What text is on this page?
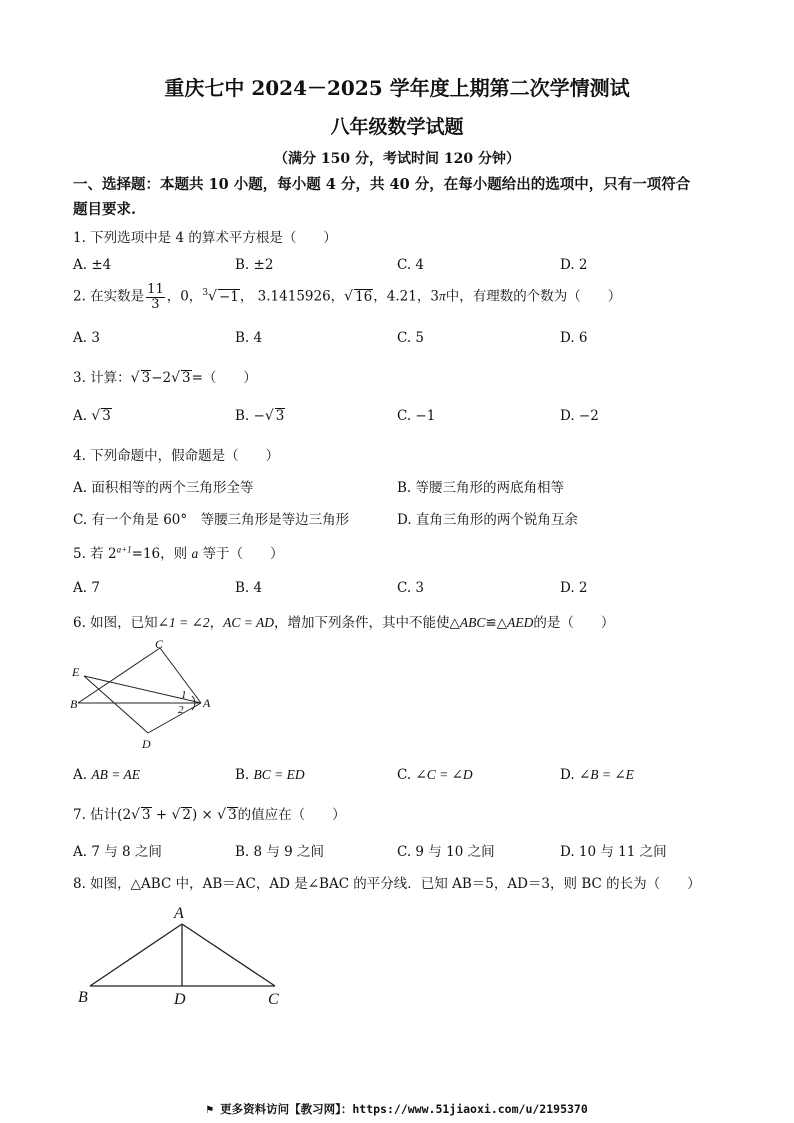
重庆七中 2024－2025 学年度上期第二次学情测试
八年级数学试题
（满分 150 分，考试时间 120 分钟）
一、选择题：本题共 10 小题，每小题 4 分，共 40 分，在每小题给出的选项中，只有一项符合
题目要求.
1. 下列选项中是 4 的算术平方根是（　　）
A. ±4	B. ±2	C. 4	D. 2
2. 在实数是 $\frac{11}{3}$ ，0，$^3$√ −1， 3.1415926，√ 16，4.21，3π中，有理数的个数为（　　）
A. 3	B. 4	C. 5	D. 6
3. 计算：√ 3−2√ 3=（　　）
A. √ 3	B. −√ 3	C. −1	D. −2
4. 下列命题中，假命题是（　　）
A. 面积相等的两个三角形全等	B. 等腰三角形的两底角相等
C. 有一个角是 60°　等腰三角形是等边三角形	D. 直角三角形的两个锐角互余
5. 若 $2^{a+1}=16$，则 a 等于（　　）
A. 7	B. 4	C. 3	D. 2
6. 如图，已知∠1 = ∠2，AC = AD，增加下列条件，其中不能使△ABC≌△AED的是（　　）
C
E
B
D
A
1
2
A. AB = AE	B. BC = ED	C. ∠C = ∠D	D. ∠B = ∠E
7. 估计(2√ 3 + √ 2) × √ 3的值应在（　　）
A. 7 与 8 之间	B. 8 与 9 之间	C. 9 与 10 之间	D. 10 与 11 之间
8. 如图，△ABC 中，AB＝AC，AD 是∠BAC 的平分线．已知 AB＝5，AD＝3，则 BC 的长为（　　）
A
B	D	C
⚑ 更多资料访问【教习网】：https://www.51jiaoxi.com/u/2195370
